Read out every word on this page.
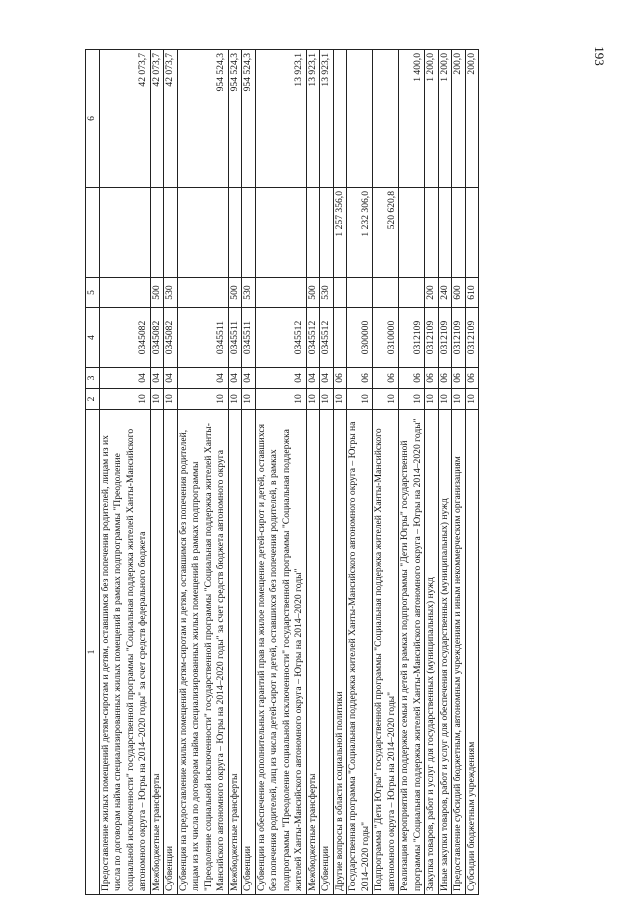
193
1	2	3	4	5		6
Предоставление жилых помещений детям-сиротам и детям, оставшимся без попечения родителей, лицам из их числа по договорам найма специализированных жилых помещений в рамках подпрограммы "Преодоление социальной исключенности" государственной программы "Социальная поддержка жителей Ханты-Мансийского автономного округа – Югры на 2014–2020 годы" за счет средств федерального бюджета	10	04	0345082			42 073,7
Межбюджетные трансферты	10	04	0345082	500		42 073,7
Субвенции	10	04	0345082	530		42 073,7
Субвенция на предоставление жилых помещений детям-сиротам и детям, оставшимся без попечения родителей, лицам из их числа по договорам найма специализированных жилых помещений в рамках подпрограммы "Преодоление социальной исключенности" государственной программы "Социальная поддержка жителей Ханты-Мансийского автономного округа – Югры на 2014–2020 годы" за счет средств бюджета автономного округа	10	04	0345511			954 524,3
Межбюджетные трансферты	10	04	0345511	500		954 524,3
Субвенции	10	04	0345511	530		954 524,3
Субвенции на обеспечение дополнительных гарантий прав на жилое помещение детей-сирот и детей, оставшихся без попечения родителей, лиц из числа детей-сирот и детей, оставшихся без попечения родителей, в рамках подпрограммы "Преодоление социальной исключенности" государственной программы "Социальная поддержка жителей Ханты-Мансийского автономного округа – Югры на 2014–2020 годы"	10	04	0345512			13 923,1
Межбюджетные трансферты	10	04	0345512	500		13 923,1
Субвенции	10	04	0345512	530		13 923,1
Другие вопросы в области социальной политики	10	06			1 257 356,0	
Государственная программа "Социальная поддержка жителей Ханты-Мансийского автономного округа – Югры на 2014–2020 годы"	10	06	0300000		1 232 306,0	
Подпрограмма "Дети Югры" государственной программы "Социальная поддержка жителей Ханты-Мансийского автономного округа – Югры на 2014–2020 годы"	10	06	0310000		520 620,8	
Реализация мероприятий по поддержке семьи и детей в рамках подпрограммы "Дети Югры" государственной программы "Социальная поддержка жителей Ханты-Мансийского автономного округа – Югры на 2014–2020 годы"	10	06	0312109			1 400,0
Закупка товаров, работ и услуг для государственных (муниципальных) нужд	10	06	0312109	200		1 200,0
Иные закупки товаров, работ и услуг для обеспечения государственных (муниципальных) нужд	10	06	0312109	240		1 200,0
Предоставление субсидий бюджетным, автономным учреждениям и иным некоммерческим организациям	10	06	0312109	600		200,0
Субсидии бюджетным учреждениям	10	06	0312109	610		200,0
